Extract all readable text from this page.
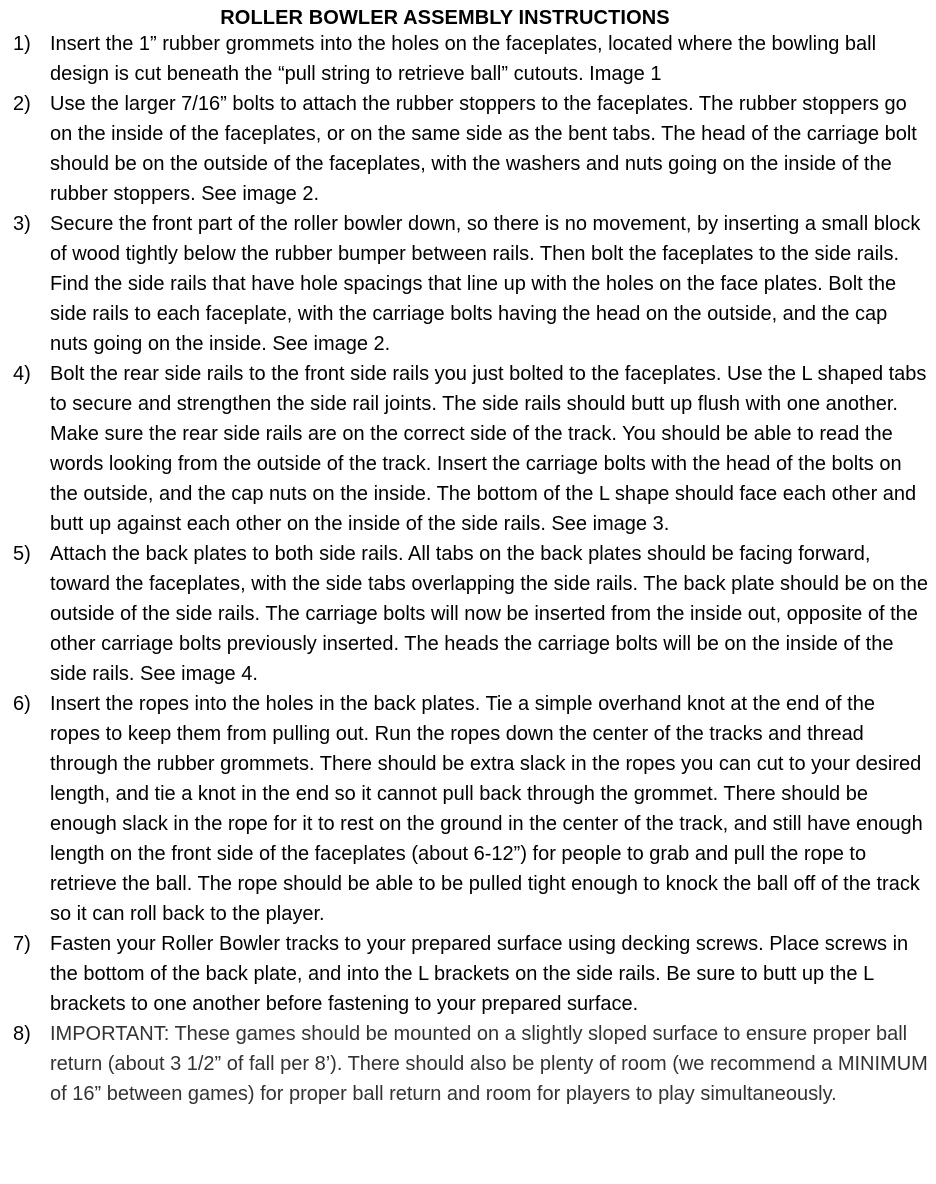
ROLLER BOWLER ASSEMBLY INSTRUCTIONS
1) Insert the 1” rubber grommets into the holes on the faceplates, located where the bowling ball design is cut beneath the “pull string to retrieve ball” cutouts. Image 1
2) Use the larger 7/16” bolts to attach the rubber stoppers to the faceplates. The rubber stoppers go on the inside of the faceplates, or on the same side as the bent tabs. The head of the carriage bolt should be on the outside of the faceplates, with the washers and nuts going on the inside of the rubber stoppers. See image 2.
3) Secure the front part of the roller bowler down, so there is no movement, by inserting a small block of wood tightly below the rubber bumper between rails. Then bolt the faceplates to the side rails. Find the side rails that have hole spacings that line up with the holes on the face plates. Bolt the side rails to each faceplate, with the carriage bolts having the head on the outside, and the cap nuts going on the inside. See image 2.
4) Bolt the rear side rails to the front side rails you just bolted to the faceplates. Use the L shaped tabs to secure and strengthen the side rail joints. The side rails should butt up flush with one another. Make sure the rear side rails are on the correct side of the track. You should be able to read the words looking from the outside of the track. Insert the carriage bolts with the head of the bolts on the outside, and the cap nuts on the inside. The bottom of the L shape should face each other and butt up against each other on the inside of the side rails. See image 3.
5) Attach the back plates to both side rails. All tabs on the back plates should be facing forward, toward the faceplates, with the side tabs overlapping the side rails. The back plate should be on the outside of the side rails. The carriage bolts will now be inserted from the inside out, opposite of the other carriage bolts previously inserted. The heads the carriage bolts will be on the inside of the side rails. See image 4.
6) Insert the ropes into the holes in the back plates. Tie a simple overhand knot at the end of the ropes to keep them from pulling out. Run the ropes down the center of the tracks and thread through the rubber grommets. There should be extra slack in the ropes you can cut to your desired length, and tie a knot in the end so it cannot pull back through the grommet. There should be enough slack in the rope for it to rest on the ground in the center of the track, and still have enough length on the front side of the faceplates (about 6-12”) for people to grab and pull the rope to retrieve the ball. The rope should be able to be pulled tight enough to knock the ball off of the track so it can roll back to the player.
7) Fasten your Roller Bowler tracks to your prepared surface using decking screws. Place screws in the bottom of the back plate, and into the L brackets on the side rails. Be sure to butt up the L brackets to one another before fastening to your prepared surface.
8) IMPORTANT: These games should be mounted on a slightly sloped surface to ensure proper ball return (about 3 1/2” of fall per 8’). There should also be plenty of room (we recommend a MINIMUM of 16” between games) for proper ball return and room for players to play simultaneously.
